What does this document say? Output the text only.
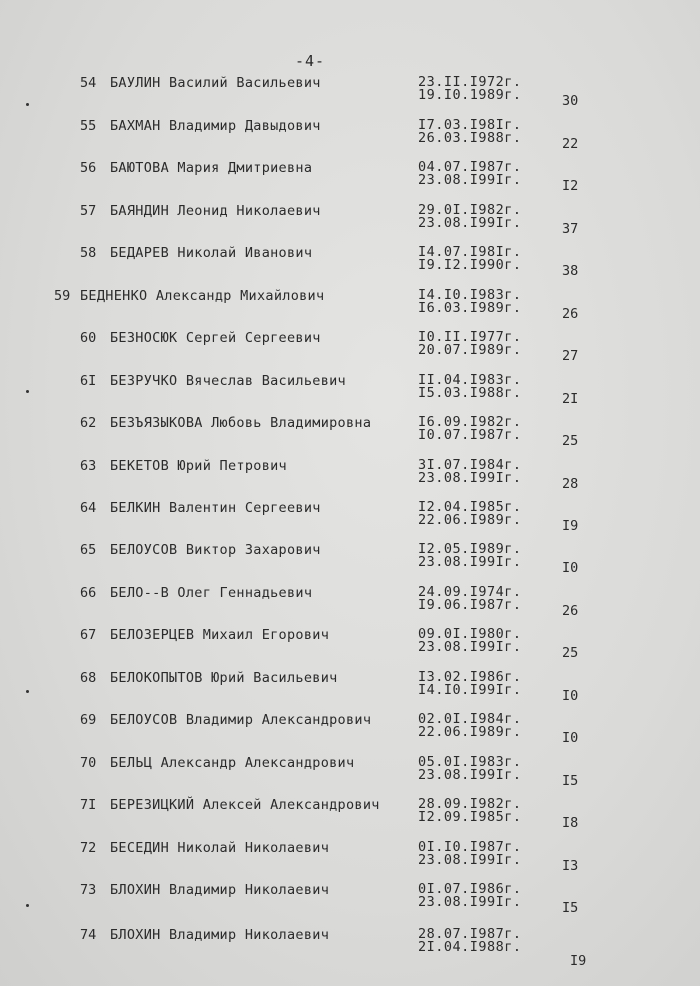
-4-
54 БАУЛИН Василий Васильевич	23.II.I972г.
19.I0.1989г.	30
55 БАХМАН Владимир Давыдович	I7.03.I98Iг.
26.03.I988г.	22
56 БАЮТОВА Мария Дмитриевна	04.07.I987г.
23.08.I99Iг.	I2
57 БАЯНДИН Леонид Николаевич	29.0I.I982г.
23.08.I99Iг.	37
58 БЕДАРЕВ Николай Иванович	I4.07.I98Iг.
I9.I2.I990г.	38
59 БЕДНЕНКО Александр Михайлович	I4.I0.I983г.
I6.03.I989г.	26
60 БЕЗНОСЮК Сергей Сергеевич	I0.II.I977г.
20.07.I989г.	27
6I БЕЗРУЧКО Вячеслав Васильевич	II.04.I983г.
I5.03.I988г.	2I
62 БЕЗЪЯЗЫКОВА Любовь Владимировна	I6.09.I982г.
I0.07.I987г.	25
63 БЕКЕТОВ Юрий Петрович	3I.07.I984г.
23.08.I99Iг.	28
64 БЕЛКИН Валентин Сергеевич	I2.04.I985г.
22.06.I989г.	I9
65 БЕЛОУСОВ Виктор Захарович	I2.05.I989г.
23.08.I99Iг.	I0
66 БЕЛО--В Олег Геннадьевич	24.09.I974г.
I9.06.I987г.	26
67 БЕЛОЗЕРЦЕВ Михаил Егорович	09.0I.I980г.
23.08.I99Iг.	25
68 БЕЛОКОПЫТОВ Юрий Васильевич	I3.02.I986г.
I4.I0.I99Iг.	I0
69 БЕЛОУСОВ Владимир Александрович	02.0I.I984г.
22.06.I989г.	I0
70 БЕЛЬЦ Александр Александрович	05.0I.I983г.
23.08.I99Iг.	I5
7I БЕРЕЗИЦКИЙ Алексей Александрович	28.09.I982г.
I2.09.I985г.	I8
72 БЕСЕДИН Николай Николаевич	0I.I0.I987г.
23.08.I99Iг.	I3
73 БЛОХИН Владимир Николаевич	0I.07.I986г.
23.08.I99Iг.	I5
74 БЛОХИН Владимир Николаевич	28.07.I987г.
2I.04.I988г.
I9
